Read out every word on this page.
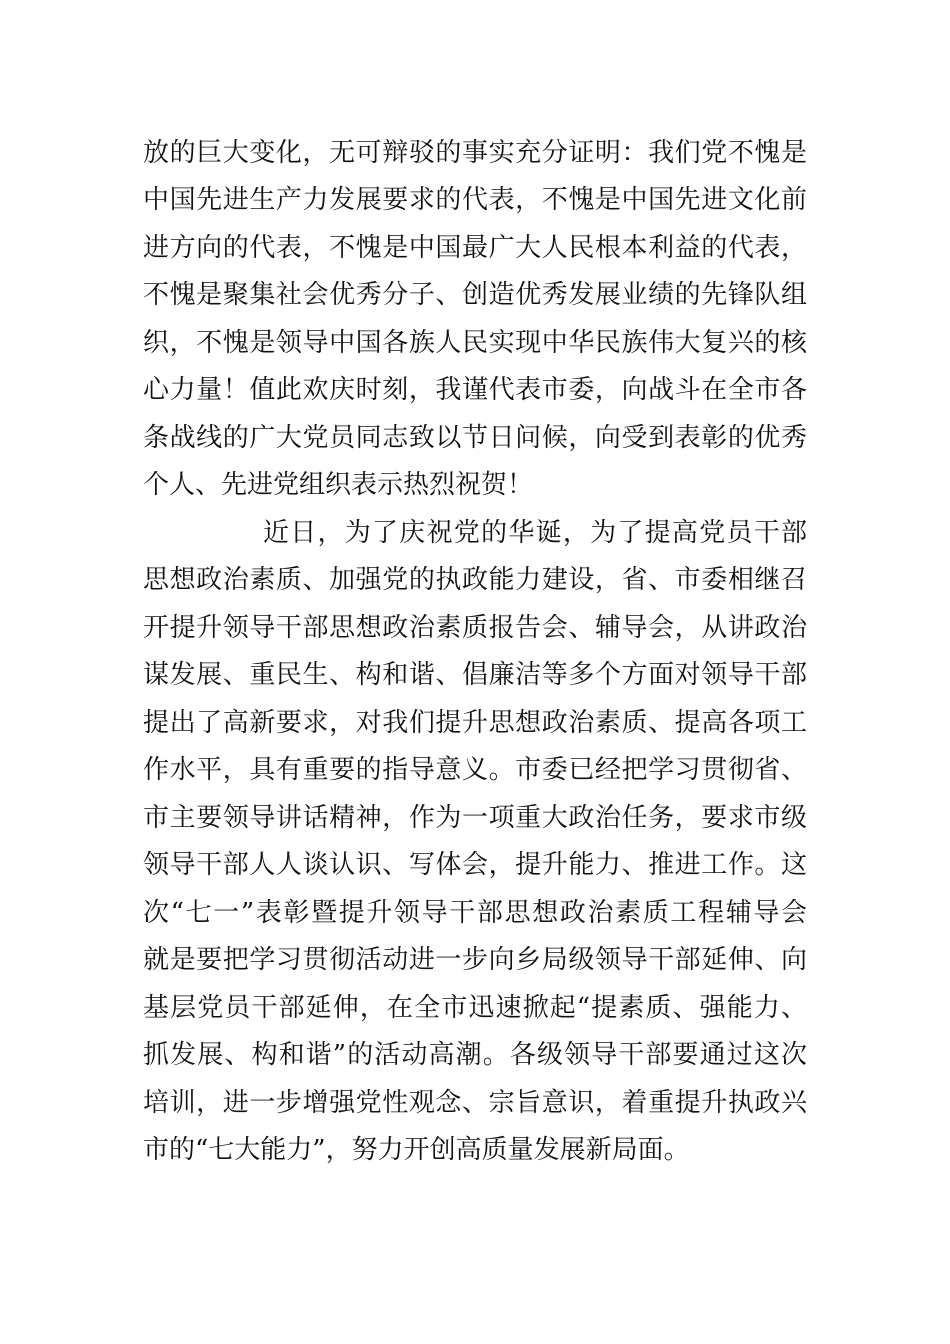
放的巨大变化，无可辩驳的事实充分证明：我们党不愧是
中国先进生产力发展要求的代表，不愧是中国先进文化前
进方向的代表，不愧是中国最广大人民根本利益的代表，
不愧是聚集社会优秀分子、创造优秀发展业绩的先锋队组
织，不愧是领导中国各族人民实现中华民族伟大复兴的核
心力量！值此欢庆时刻，我谨代表市委，向战斗在全市各
条战线的广大党员同志致以节日问候，向受到表彰的优秀
个人、先进党组织表示热烈祝贺！
近日，为了庆祝党的华诞，为了提高党员干部
思想政治素质、加强党的执政能力建设，省、市委相继召
开提升领导干部思想政治素质报告会、辅导会，从讲政治
谋发展、重民生、构和谐、倡廉洁等多个方面对领导干部
提出了高新要求，对我们提升思想政治素质、提高各项工
作水平，具有重要的指导意义。市委已经把学习贯彻省、
市主要领导讲话精神，作为一项重大政治任务，要求市级
领导干部人人谈认识、写体会，提升能力、推进工作。这
次“七一”表彰暨提升领导干部思想政治素质工程辅导会
就是要把学习贯彻活动进一步向乡局级领导干部延伸、向
基层党员干部延伸，在全市迅速掀起“提素质、强能力、
抓发展、构和谐”的活动高潮。各级领导干部要通过这次
培训，进一步增强党性观念、宗旨意识，着重提升执政兴
市的“七大能力”，努力开创高质量发展新局面。
